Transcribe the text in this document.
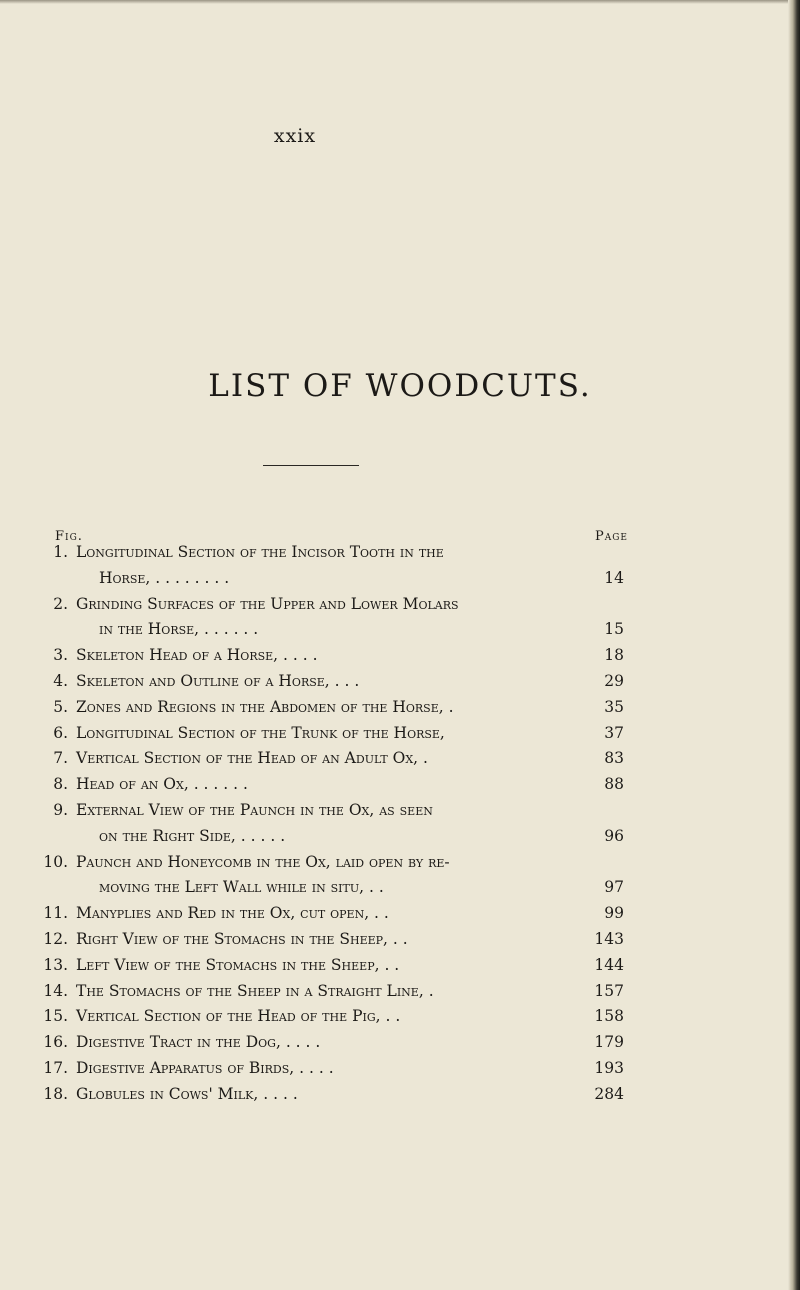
xxix
LIST OF WOODCUTS.
Fig.	Page
1. Longitudinal Section of the Incisor Tooth in the
Horse, . . . . . . . .	14
2. Grinding Surfaces of the Upper and Lower Molars
in the Horse, . . . . . .	15
3. Skeleton Head of a Horse, . . . .	18
4. Skeleton and Outline of a Horse, . . .	29
5. Zones and Regions in the Abdomen of the Horse, .	35
6. Longitudinal Section of the Trunk of the Horse,	37
7. Vertical Section of the Head of an Adult Ox, .	83
8. Head of an Ox, . . . . . .	88
9. External View of the Paunch in the Ox, as seen
on the Right Side, . . . . .	96
10. Paunch and Honeycomb in the Ox, laid open by re-
moving the Left Wall while in situ, . .	97
11. Manyplies and Red in the Ox, cut open, . .	99
12. Right View of the Stomachs in the Sheep, . .	143
13. Left View of the Stomachs in the Sheep, . .	144
14. The Stomachs of the Sheep in a Straight Line, .	157
15. Vertical Section of the Head of the Pig, . .	158
16. Digestive Tract in the Dog, . . . .	179
17. Digestive Apparatus of Birds, . . . .	193
18. Globules in Cows' Milk, . . . .	284
